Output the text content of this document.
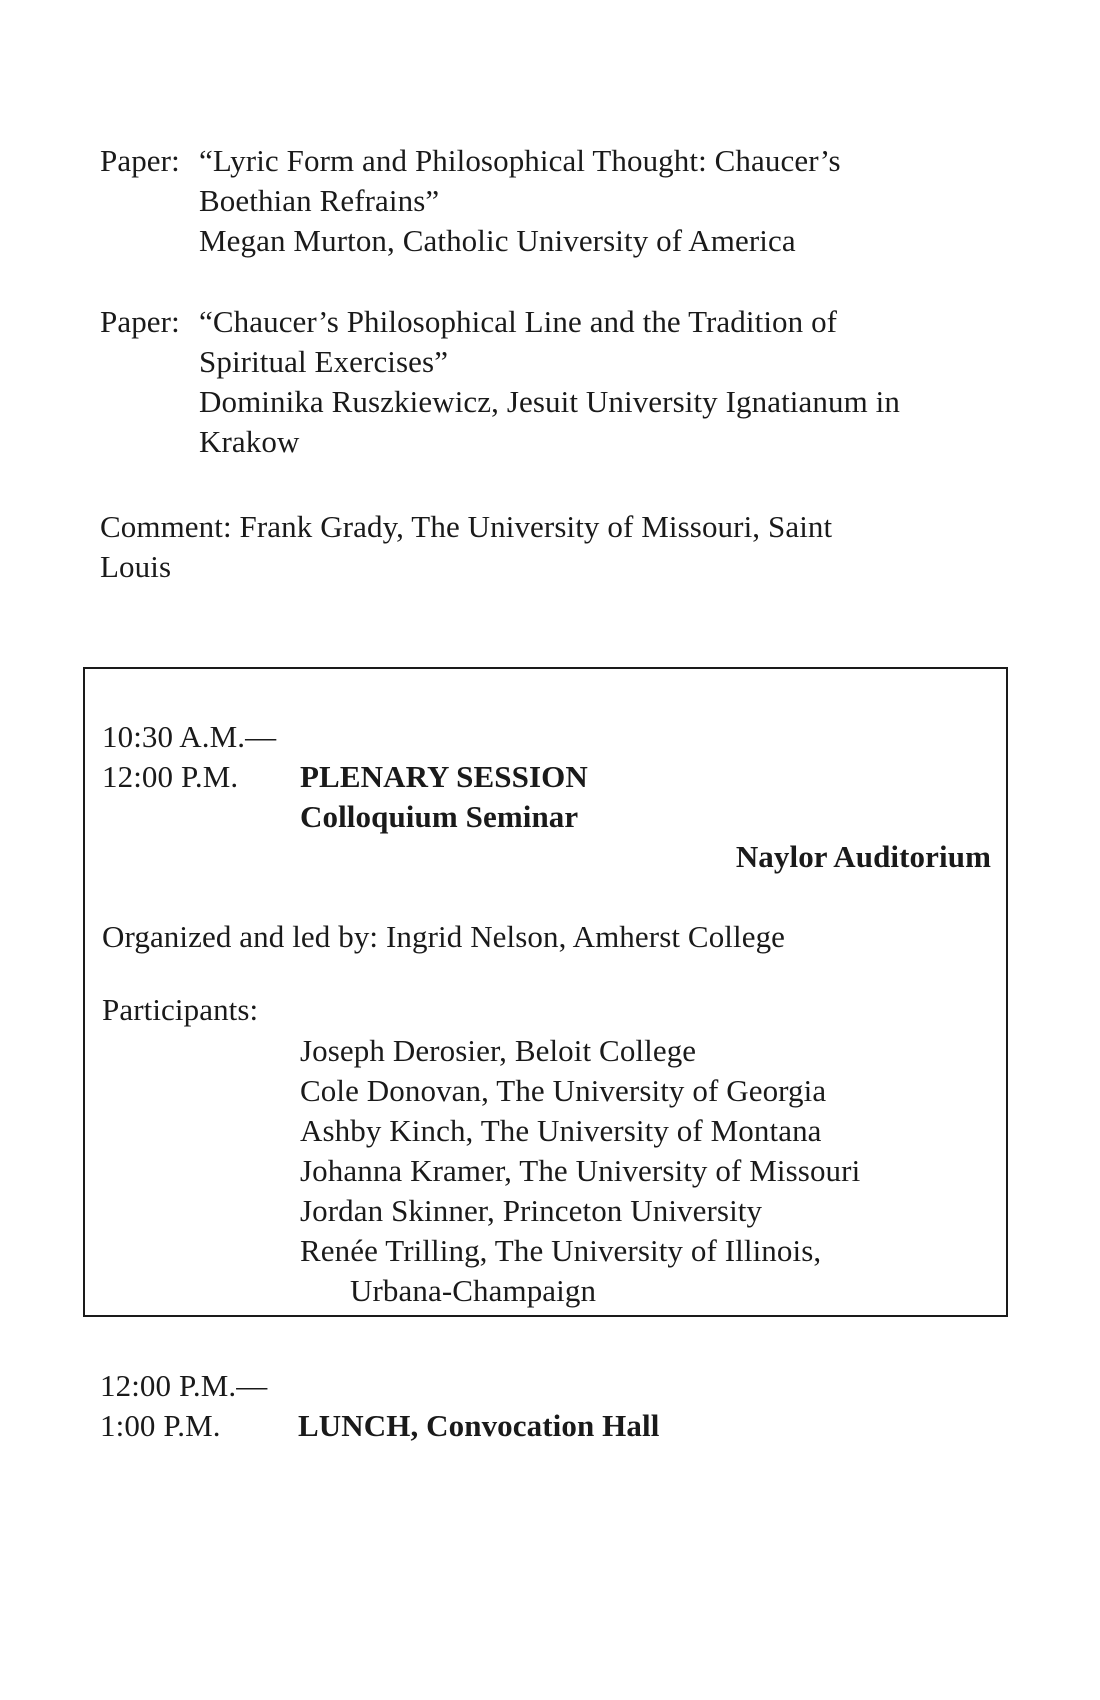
Paper: “Lyric Form and Philosophical Thought: Chaucer’s
Boethian Refrains”
Megan Murton, Catholic University of America
Paper: “Chaucer’s Philosophical Line and the Tradition of
Spiritual Exercises”
Dominika Ruszkiewicz, Jesuit University Ignatianum in
Krakow
Comment: Frank Grady, The University of Missouri, Saint
Louis
10:30 A.M.—
12:00 P.M. PLENARY SESSION
Colloquium Seminar
Naylor Auditorium
Organized and led by: Ingrid Nelson, Amherst College
Participants:
Joseph Derosier, Beloit College
Cole Donovan, The University of Georgia
Ashby Kinch, The University of Montana
Johanna Kramer, The University of Missouri
Jordan Skinner, Princeton University
Renée Trilling, The University of Illinois,
Urbana-Champaign
12:00 P.M.—
1:00 P.M. LUNCH, Convocation Hall
